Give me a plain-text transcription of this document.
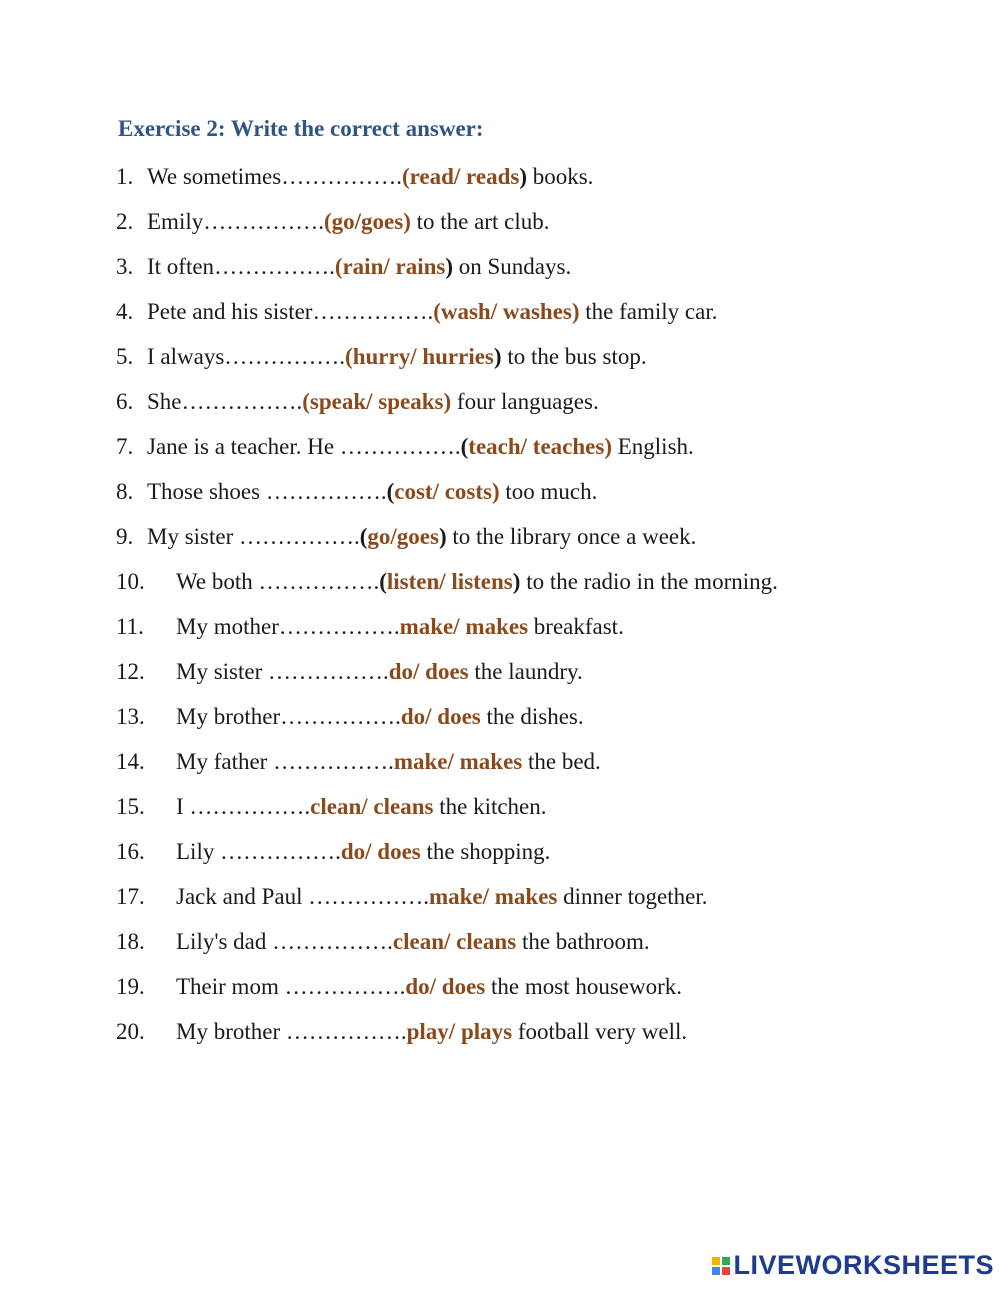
Exercise 2: Write the correct answer:
1. We sometimes…………….(read/ reads) books.
2. Emily…………….(go/goes) to the art club.
3. It often…………….(rain/ rains) on Sundays.
4. Pete and his sister…………….(wash/ washes) the family car.
5. I always…………….(hurry/ hurries) to the bus stop.
6. She…………….(speak/ speaks) four languages.
7. Jane is a teacher. He …………….(teach/ teaches) English.
8. Those shoes …………….(cost/ costs) too much.
9. My sister …………….(go/goes) to the library once a week.
10. We both …………….(listen/ listens) to the radio in the morning.
11. My mother…………….make/ makes breakfast.
12. My sister …………….do/ does the laundry.
13. My brother…………….do/ does the dishes.
14. My father …………….make/ makes the bed.
15. I …………….clean/ cleans the kitchen.
16. Lily …………….do/ does the shopping.
17. Jack and Paul …………….make/ makes dinner together.
18. Lily's dad …………….clean/ cleans the bathroom.
19. Their mom …………….do/ does the most housework.
20. My brother …………….play/ plays football very well.
LIVEWORKSHEETS
